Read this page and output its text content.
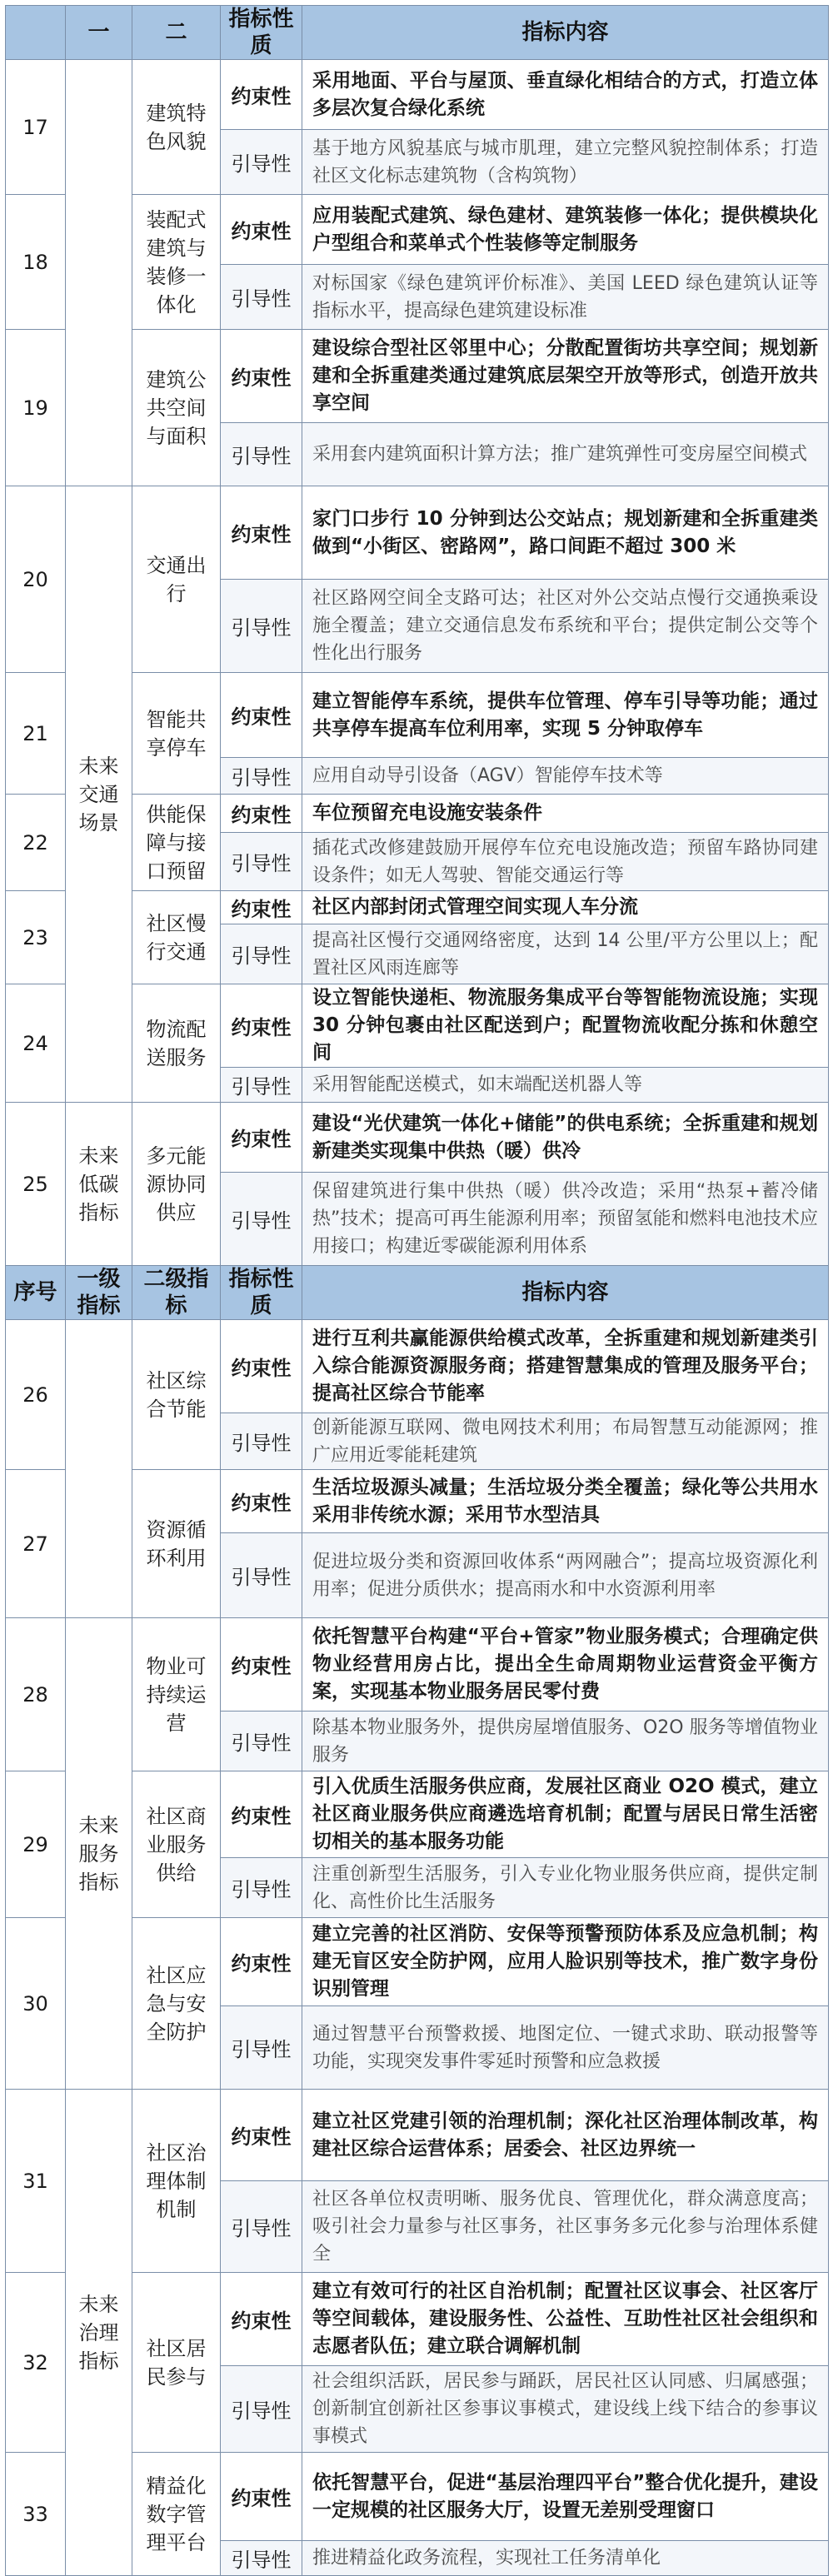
	一	二	指标性质	指标内容
17		建筑特色风貌	约束性	采用地面、平台与屋顶、垂直绿化相结合的方式，打造立体多层次复合绿化系统
			引导性	基于地方风貌基底与城市肌理，建立完整风貌控制体系；打造社区文化标志建筑物（含构筑物）
18		装配式建筑与装修一体化	约束性	应用装配式建筑、绿色建材、建筑装修一体化；提供模块化户型组合和菜单式个性装修等定制服务
			引导性	对标国家《绿色建筑评价标准》、美国 LEED 绿色建筑认证等指标水平，提高绿色建筑建设标准
19		建筑公共空间与面积	约束性	建设综合型社区邻里中心；分散配置街坊共享空间；规划新建和全拆重建类通过建筑底层架空开放等形式，创造开放共享空间
			引导性	采用套内建筑面积计算方法；推广建筑弹性可变房屋空间模式
20	未来交通场景	交通出行	约束性	家门口步行 10 分钟到达公交站点；规划新建和全拆重建类做到“小街区、密路网”，路口间距不超过 300 米
			引导性	社区路网空间全支路可达；社区对外公交站点慢行交通换乘设施全覆盖；建立交通信息发布系统和平台；提供定制公交等个性化出行服务
21		智能共享停车	约束性	建立智能停车系统，提供车位管理、停车引导等功能；通过共享停车提高车位利用率，实现 5 分钟取停车
			引导性	应用自动导引设备（AGV）智能停车技术等
22		供能保障与接口预留	约束性	车位预留充电设施安装条件
			引导性	插花式改修建鼓励开展停车位充电设施改造；预留车路协同建设条件；如无人驾驶、智能交通运行等
23		社区慢行交通	约束性	社区内部封闭式管理空间实现人车分流
			引导性	提高社区慢行交通网络密度，达到 14 公里/平方公里以上；配置社区风雨连廊等
24		物流配送服务	约束性	设立智能快递柜、物流服务集成平台等智能物流设施；实现 30 分钟包裹由社区配送到户；配置物流收配分拣和休憩空间
			引导性	采用智能配送模式，如末端配送机器人等
25	未来低碳指标	多元能源协同供应	约束性	建设“光伏建筑一体化+储能”的供电系统；全拆重建和规划新建类实现集中供热（暖）供冷
			引导性	保留建筑进行集中供热（暖）供冷改造；采用“热泵+蓄冷储热”技术；提高可再生能源利用率；预留氢能和燃料电池技术应用接口；构建近零碳能源利用体系
序号	一级指标	二级指标	指标性质	指标内容
26		社区综合节能	约束性	进行互利共赢能源供给模式改革，全拆重建和规划新建类引入综合能源资源服务商；搭建智慧集成的管理及服务平台；提高社区综合节能率
			引导性	创新能源互联网、微电网技术利用；布局智慧互动能源网；推广应用近零能耗建筑
27		资源循环利用	约束性	生活垃圾源头减量；生活垃圾分类全覆盖；绿化等公共用水采用非传统水源；采用节水型洁具
			引导性	促进垃圾分类和资源回收体系“两网融合”；提高垃圾资源化利用率；促进分质供水；提高雨水和中水资源利用率
28	未来服务指标	物业可持续运营	约束性	依托智慧平台构建“平台+管家”物业服务模式；合理确定供物业经营用房占比，提出全生命周期物业运营资金平衡方案，实现基本物业服务居民零付费
			引导性	除基本物业服务外，提供房屋增值服务、O2O 服务等增值物业服务
29		社区商业服务供给	约束性	引入优质生活服务供应商，发展社区商业 O2O 模式，建立社区商业服务供应商遴选培育机制；配置与居民日常生活密切相关的基本服务功能
			引导性	注重创新型生活服务，引入专业化物业服务供应商，提供定制化、高性价比生活服务
30		社区应急与安全防护	约束性	建立完善的社区消防、安保等预警预防体系及应急机制；构建无盲区安全防护网，应用人脸识别等技术，推广数字身份识别管理
			引导性	通过智慧平台预警救援、地图定位、一键式求助、联动报警等功能，实现突发事件零延时预警和应急救援
31	未来治理指标	社区治理体制机制	约束性	建立社区党建引领的治理机制；深化社区治理体制改革，构建社区综合运营体系；居委会、社区边界统一
			引导性	社区各单位权责明晰、服务优良、管理优化，群众满意度高；吸引社会力量参与社区事务，社区事务多元化参与治理体系健全
32		社区居民参与	约束性	建立有效可行的社区自治机制；配置社区议事会、社区客厅等空间载体，建设服务性、公益性、互助性社区社会组织和志愿者队伍；建立联合调解机制
			引导性	社会组织活跃，居民参与踊跃，居民社区认同感、归属感强；创新制宜创新社区参事议事模式，建设线上线下结合的参事议事模式
33		精益化数字管理平台	约束性	依托智慧平台，促进“基层治理四平台”整合优化提升，建设一定规模的社区服务大厅，设置无差别受理窗口
			引导性	推进精益化政务流程，实现社工任务清单化
